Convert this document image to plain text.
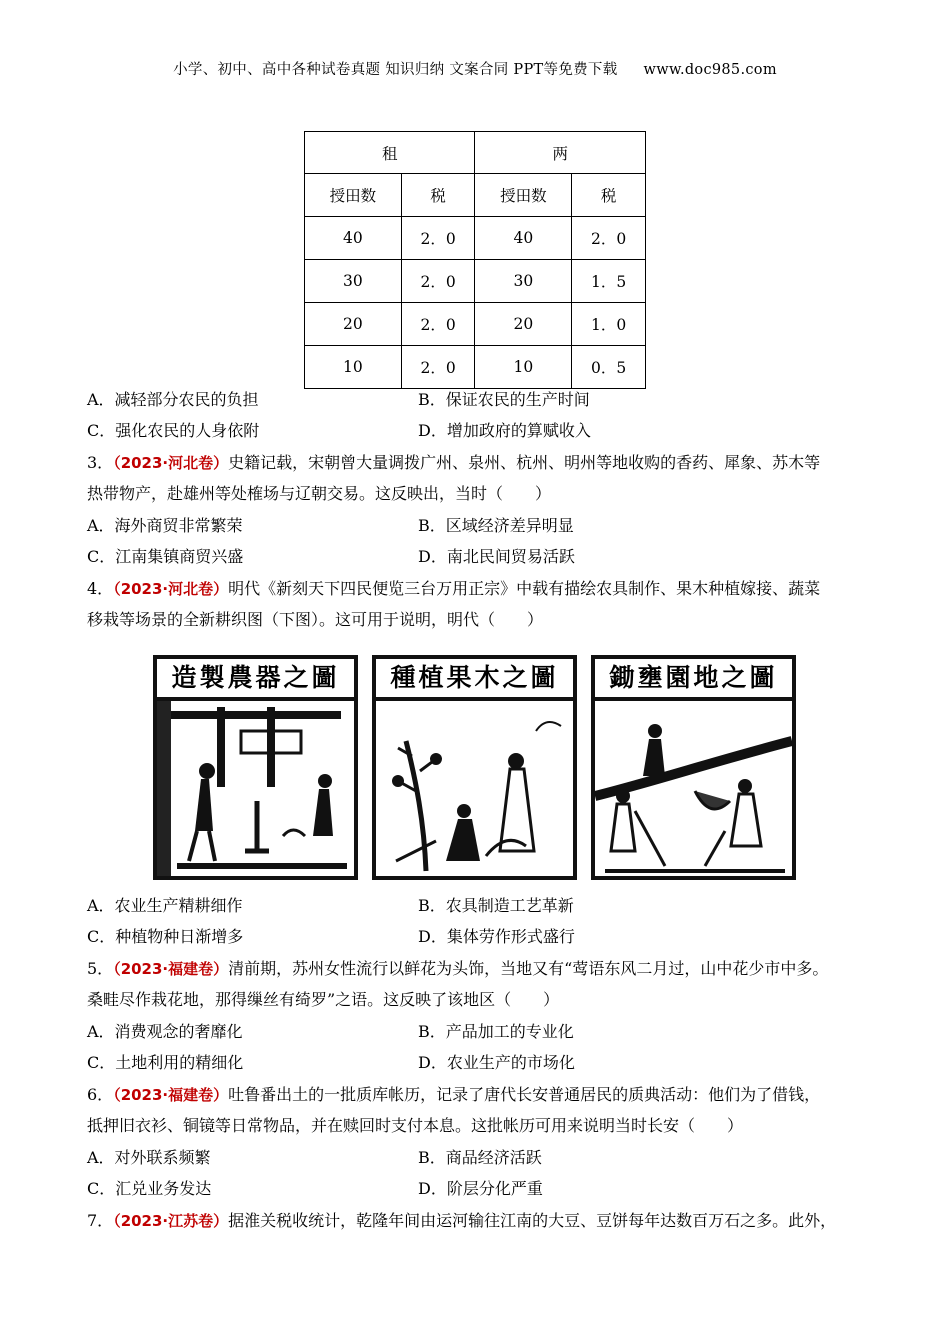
小学、初中、高中各种试卷真题 知识归纳 文案合同 PPT等免费下载 www.doc985.com
租		两	
授田数	税	授田数	税
40	2．0	40	2．0
30	2．0	30	1．5
20	2．0	20	1．0
10	2．0	10	0．5
A．减轻部分农民的负担	B．保证农民的生产时间
C．强化农民的人身依附	D．增加政府的算赋收入
3．（2023·河北卷）史籍记载，宋朝曾大量调拨广州、泉州、杭州、明州等地收购的香药、犀象、苏木等
热带物产，赴雄州等处榷场与辽朝交易。这反映出，当时（　　）
A．海外商贸非常繁荣	B．区域经济差异明显
C．江南集镇商贸兴盛	D．南北民间贸易活跃
4．（2023·河北卷）明代《新刻天下四民便览三台万用正宗》中载有描绘农具制作、果木种植嫁接、蔬菜
移栽等场景的全新耕织图（下图）。这可用于说明，明代（　　）
造製農器之圖	種植果木之圖	鋤壅園地之圖
A．农业生产精耕细作	B．农具制造工艺革新
C．种植物种日渐增多	D．集体劳作形式盛行
5．（2023·福建卷）清前期，苏州女性流行以鲜花为头饰，当地又有“莺语东风二月过，山中花少市中多。
桑畦尽作栽花地，那得缫丝有绮罗”之语。这反映了该地区（　　）
A．消费观念的奢靡化	B．产品加工的专业化
C．土地利用的精细化	D．农业生产的市场化
6．（2023·福建卷）吐鲁番出土的一批质库帐历，记录了唐代长安普通居民的质典活动：他们为了借钱，
抵押旧衣衫、铜镜等日常物品，并在赎回时支付本息。这批帐历可用来说明当时长安（　　）
A．对外联系频繁	B．商品经济活跃
C．汇兑业务发达	D．阶层分化严重
7．（2023·江苏卷）据淮关税收统计，乾隆年间由运河输往江南的大豆、豆饼每年达数百万石之多。此外，
